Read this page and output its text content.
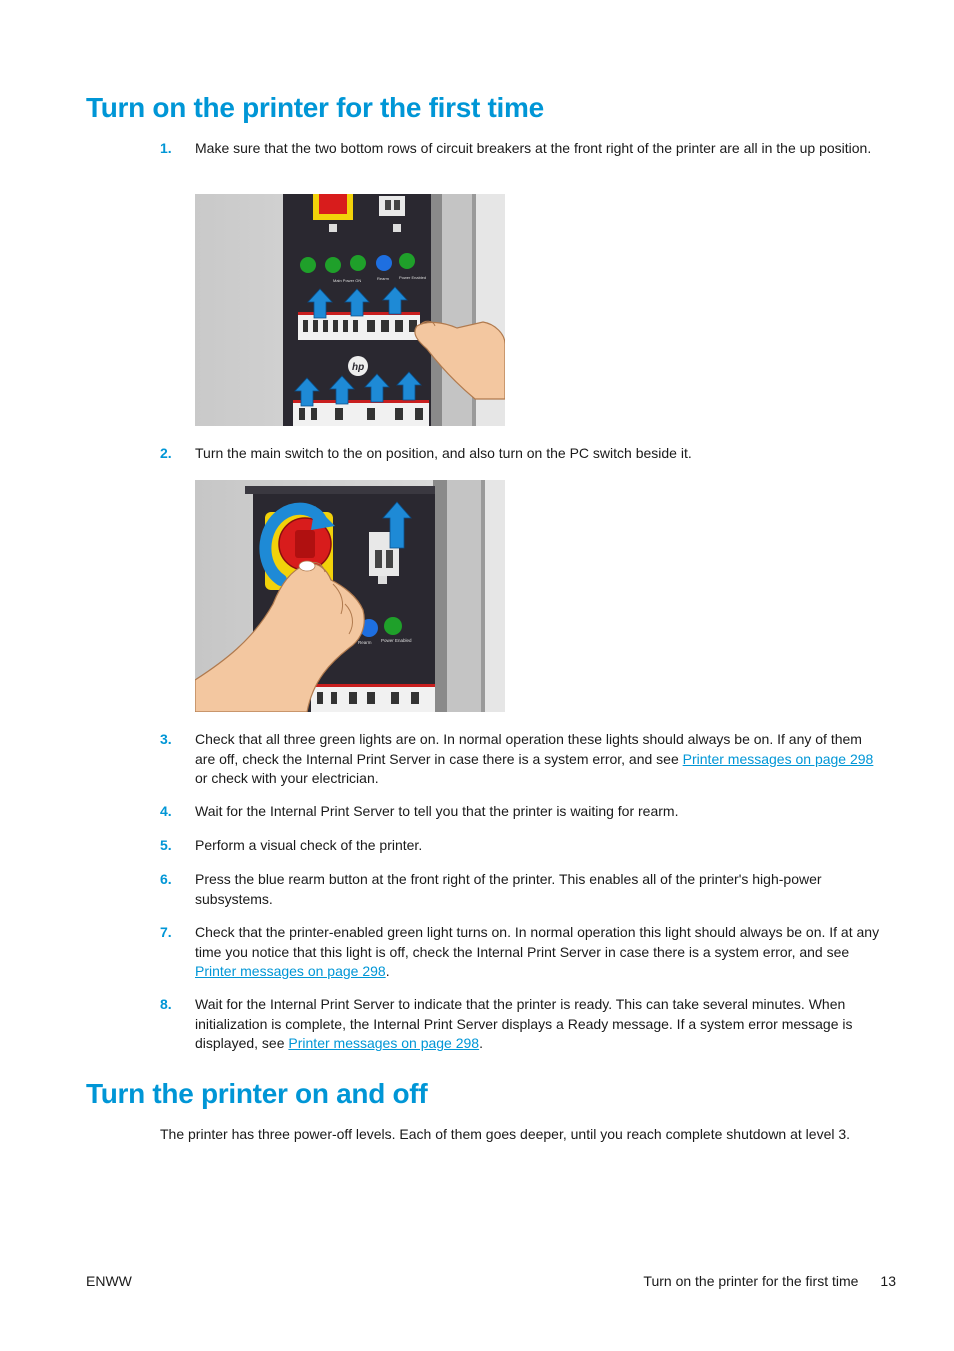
Turn on the printer for the first time
1.	Make sure that the two bottom rows of circuit breakers at the front right of the printer are all in the up position.
Main Power ON	Rearm Power Enabled
hp
2.	Turn the main switch to the on position, and also turn on the PC switch beside it.
Rearm Power Enabled
3.	Check that all three green lights are on. In normal operation these lights should always be on. If any of them are off, check the Internal Print Server in case there is a system error, and see Printer messages on page 298 or check with your electrician.
4.	Wait for the Internal Print Server to tell you that the printer is waiting for rearm.
5.	Perform a visual check of the printer.
6.	Press the blue rearm button at the front right of the printer. This enables all of the printer's high-power subsystems.
7.	Check that the printer-enabled green light turns on. In normal operation this light should always be on. If at any time you notice that this light is off, check the Internal Print Server in case there is a system error, and see Printer messages on page 298.
8.	Wait for the Internal Print Server to indicate that the printer is ready. This can take several minutes. When initialization is complete, the Internal Print Server displays a Ready message. If a system error message is displayed, see Printer messages on page 298.
Turn the printer on and off
The printer has three power-off levels. Each of them goes deeper, until you reach complete shutdown at level 3.
ENWW	Turn on the printer for the first time 13
